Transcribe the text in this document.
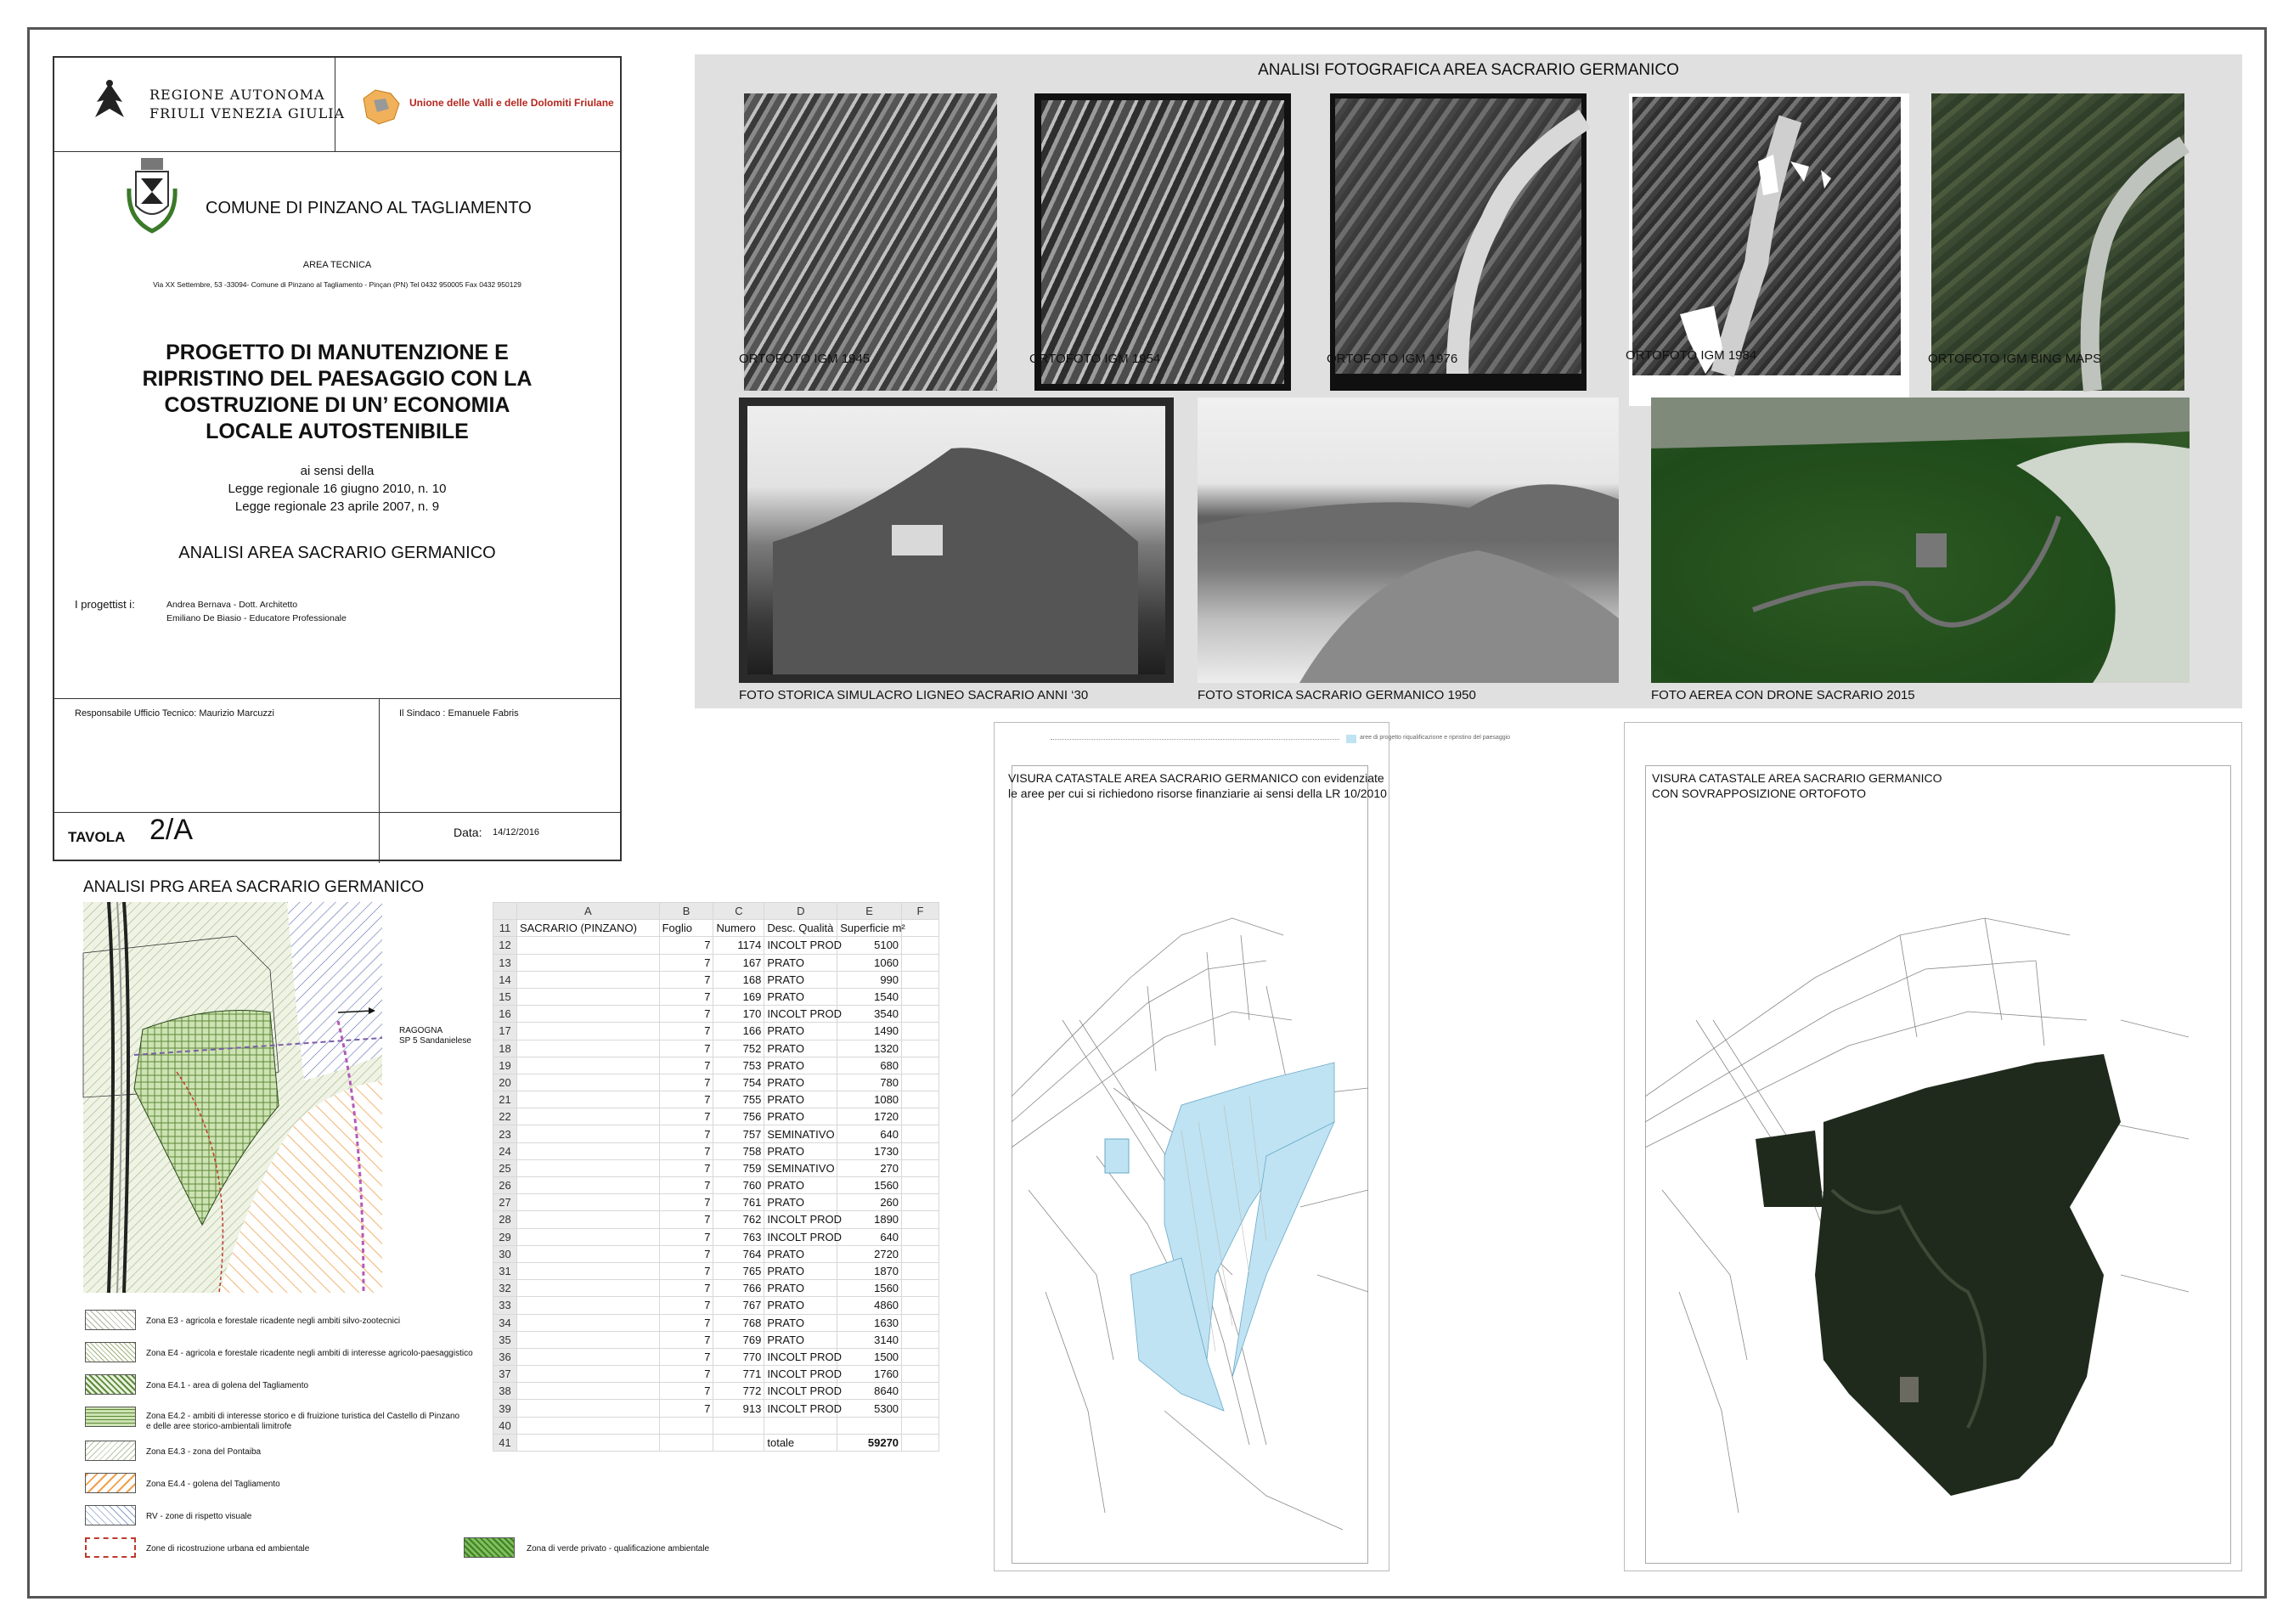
REGIONE AUTONOMA
FRIULI VENEZIA GIULIA
Unione delle Valli e delle Dolomiti Friulane
COMUNE DI PINZANO AL TAGLIAMENTO
AREA TECNICA
Via XX Settembre, 53 -33094- Comune di Pinzano al Tagliamento - Pinçan (PN) Tel 0432 950005 Fax 0432 950129
PROGETTO DI MANUTENZIONE E
RIPRISTINO DEL PAESAGGIO CON LA
COSTRUZIONE DI UN’ ECONOMIA
LOCALE AUTOSTENIBILE
ai sensi della
Legge regionale 16 giugno 2010, n. 10
Legge regionale 23 aprile 2007, n. 9
ANALISI AREA SACRARIO GERMANICO
I progettist i:	Andrea Bernava - Dott. Architetto
Emiliano De Biasio - Educatore Professionale
Responsabile Ufficio Tecnico: Maurizio Marcuzzi	Il Sindaco : Emanuele Fabris
TAVOLA 2/A	Data: 14/12/2016
ANALISI FOTOGRAFICA AREA SACRARIO GERMANICO
ORTOFOTO IGM 1945	ORTOFOTO IGM 1954	ORTOFOTO IGM 1976	ORTOFOTO IGM 1984	ORTOFOTO IGM BING MAPS
FOTO STORICA SIMULACRO LIGNEO SACRARIO ANNI ‘30	FOTO STORICA SACRARIO GERMANICO 1950	FOTO AEREA CON DRONE SACRARIO 2015
ANALISI PRG AREA SACRARIO GERMANICO
RAGOGNA
SP 5 Sandanielese
Zona E3 - agricola e forestale ricadente negli ambiti silvo-zootecnici
Zona E4 - agricola e forestale ricadente negli ambiti di interesse agricolo-paesaggistico
Zona E4.1 - area di golena del Tagliamento
Zona E4.2 - ambiti di interesse storico e di fruizione turistica del Castello di Pinzano
e delle aree storico-ambientali limitrofe
Zona E4.3 - zona del Pontaiba
Zona E4.4 - golena del Tagliamento
RV - zone di rispetto visuale
Zone di ricostruzione urbana ed ambientale	Zona di verde privato - qualificazione ambientale
	A	B	C	D	E	F
11	SACRARIO (PINZANO)	Foglio	Numero	Desc. Qualità	Superficie m²	
12		7	1174	INCOLT PROD	5100	
13		7	167	PRATO	1060	
14		7	168	PRATO	990	
15		7	169	PRATO	1540	
16		7	170	INCOLT PROD	3540	
17		7	166	PRATO	1490	
18		7	752	PRATO	1320	
19		7	753	PRATO	680	
20		7	754	PRATO	780	
21		7	755	PRATO	1080	
22		7	756	PRATO	1720	
23		7	757	SEMINATIVO	640	
24		7	758	PRATO	1730	
25		7	759	SEMINATIVO	270	
26		7	760	PRATO	1560	
27		7	761	PRATO	260	
28		7	762	INCOLT PROD	1890	
29		7	763	INCOLT PROD	640	
30		7	764	PRATO	2720	
31		7	765	PRATO	1870	
32		7	766	PRATO	1560	
33		7	767	PRATO	4860	
34		7	768	PRATO	1630	
35		7	769	PRATO	3140	
36		7	770	INCOLT PROD	1500	
37		7	771	INCOLT PROD	1760	
38		7	772	INCOLT PROD	8640	
39		7	913	INCOLT PROD	5300	
40						
41				totale	59270	
aree di progetto riqualificazione e ripristino del paesaggio
VISURA CATASTALE AREA SACRARIO GERMANICO con evidenziate
le aree per cui si richiedono risorse finanziarie ai sensi della LR 10/2010
VISURA CATASTALE AREA SACRARIO GERMANICO
CON SOVRAPPOSIZIONE ORTOFOTO
